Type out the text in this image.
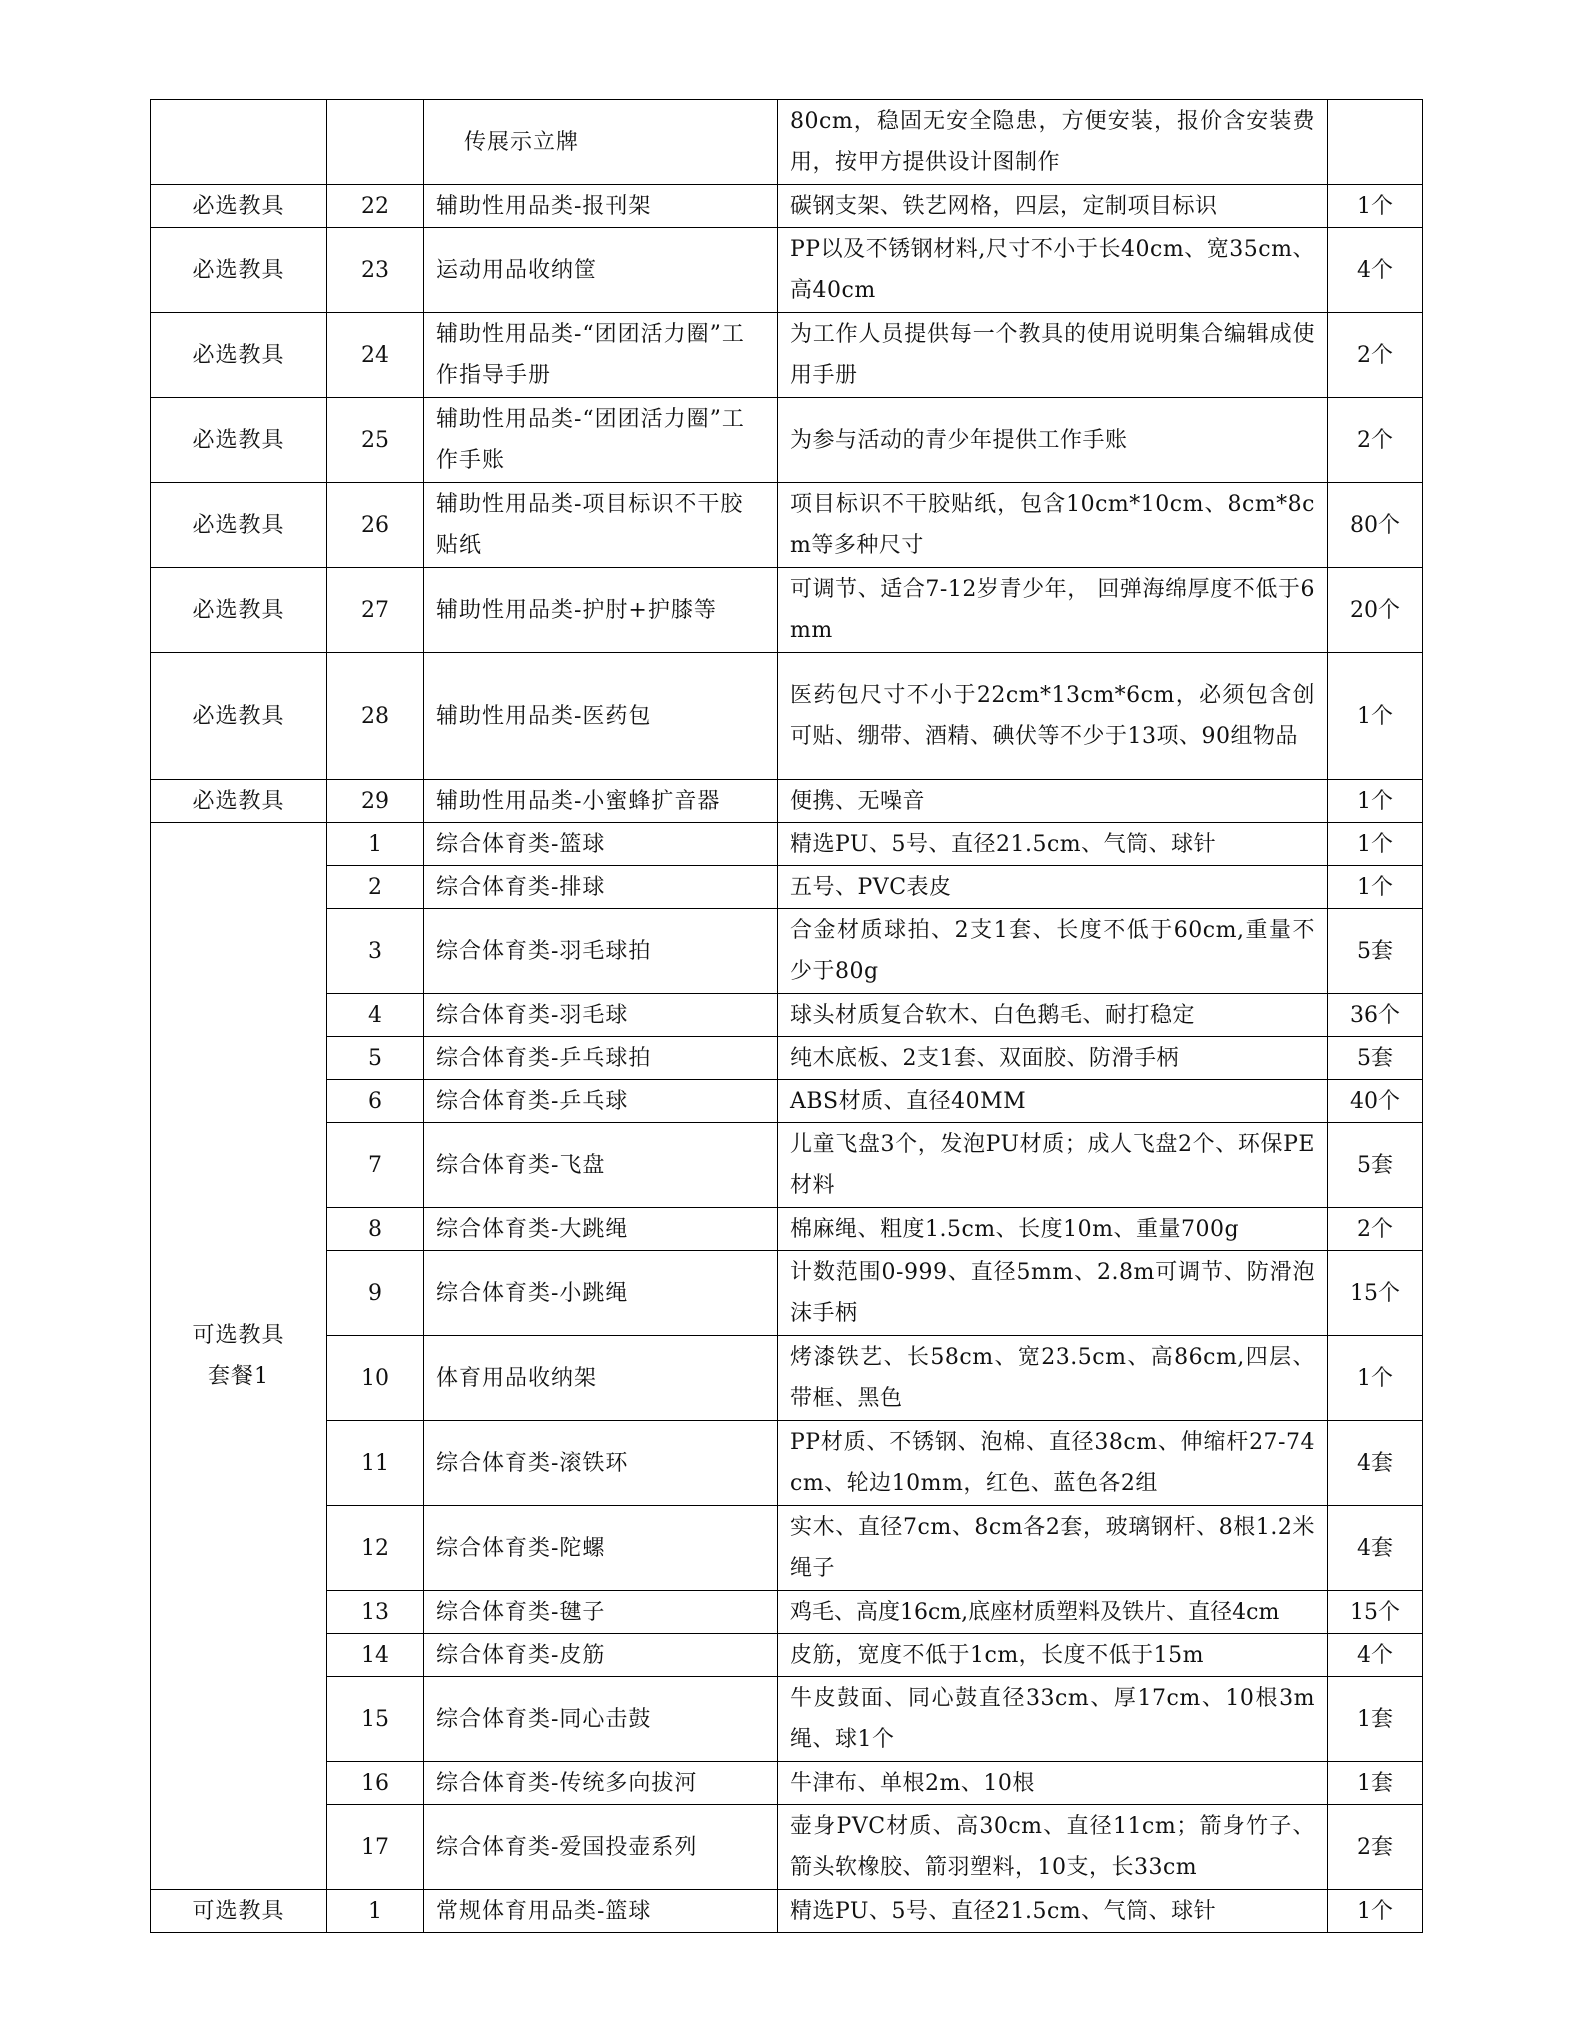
		传展示立牌	80cm，稳固无安全隐患，方便安装，报价含安装费用，按甲方提供设计图制作	
必选教具	22	辅助性用品类-报刊架	碳钢支架、铁艺网格，四层，定制项目标识	1个
必选教具	23	运动用品收纳筐	PP以及不锈钢材料,尺寸不小于长40cm、宽35cm、高40cm	4个
必选教具	24	辅助性用品类-“团团活力圈”工作指导手册	为工作人员提供每一个教具的使用说明集合编辑成使用手册	2个
必选教具	25	辅助性用品类-“团团活力圈”工作手账	为参与活动的青少年提供工作手账	2个
必选教具	26	辅助性用品类-项目标识不干胶贴纸	项目标识不干胶贴纸，包含10cm*10cm、8cm*8cm等多种尺寸	80个
必选教具	27	辅助性用品类-护肘+护膝等	可调节、适合7-12岁青少年， 回弹海绵厚度不低于6mm	20个
必选教具	28	辅助性用品类-医药包	医药包尺寸不小于22cm*13cm*6cm，必须包含创可贴、绷带、酒精、碘伏等不少于13项、90组物品	1个
必选教具	29	辅助性用品类-小蜜蜂扩音器	便携、无噪音	1个

可选教具
套餐1	1	综合体育类-篮球	精选PU、5号、直径21.5cm、气筒、球针	1个
	2	综合体育类-排球	五号、PVC表皮	1个
	3	综合体育类-羽毛球拍	合金材质球拍、2支1套、长度不低于60cm,重量不少于80g	5套
	4	综合体育类-羽毛球	球头材质复合软木、白色鹅毛、耐打稳定	36个
	5	综合体育类-乒乓球拍	纯木底板、2支1套、双面胶、防滑手柄	5套
	6	综合体育类-乒乓球	ABS材质、直径40MM	40个
	7	综合体育类-飞盘	儿童飞盘3个，发泡PU材质；成人飞盘2个、环保PE材料	5套
	8	综合体育类-大跳绳	棉麻绳、粗度1.5cm、长度10m、重量700g	2个
	9	综合体育类-小跳绳	计数范围0-999、直径5mm、2.8m可调节、防滑泡沫手柄	15个
	10	体育用品收纳架	烤漆铁艺、长58cm、宽23.5cm、高86cm,四层、带框、黑色	1个
	11	综合体育类-滚铁环	PP材质、不锈钢、泡棉、直径38cm、伸缩杆27-74cm、轮边10mm，红色、蓝色各2组	4套
	12	综合体育类-陀螺	实木、直径7cm、8cm各2套，玻璃钢杆、8根1.2米绳子	4套
	13	综合体育类-毽子	鸡毛、高度16cm,底座材质塑料及铁片、直径4cm	15个
	14	综合体育类-皮筋	皮筋，宽度不低于1cm，长度不低于15m	4个
	15	综合体育类-同心击鼓	牛皮鼓面、同心鼓直径33cm、厚17cm、10根3m绳、球1个	1套
	16	综合体育类-传统多向拔河	牛津布、单根2m、10根	1套
	17	综合体育类-爱国投壶系列	壶身PVC材质、高30cm、直径11cm；箭身竹子、箭头软橡胶、箭羽塑料，10支，长33cm	2套
可选教具	1	常规体育用品类-篮球	精选PU、5号、直径21.5cm、气筒、球针	1个
